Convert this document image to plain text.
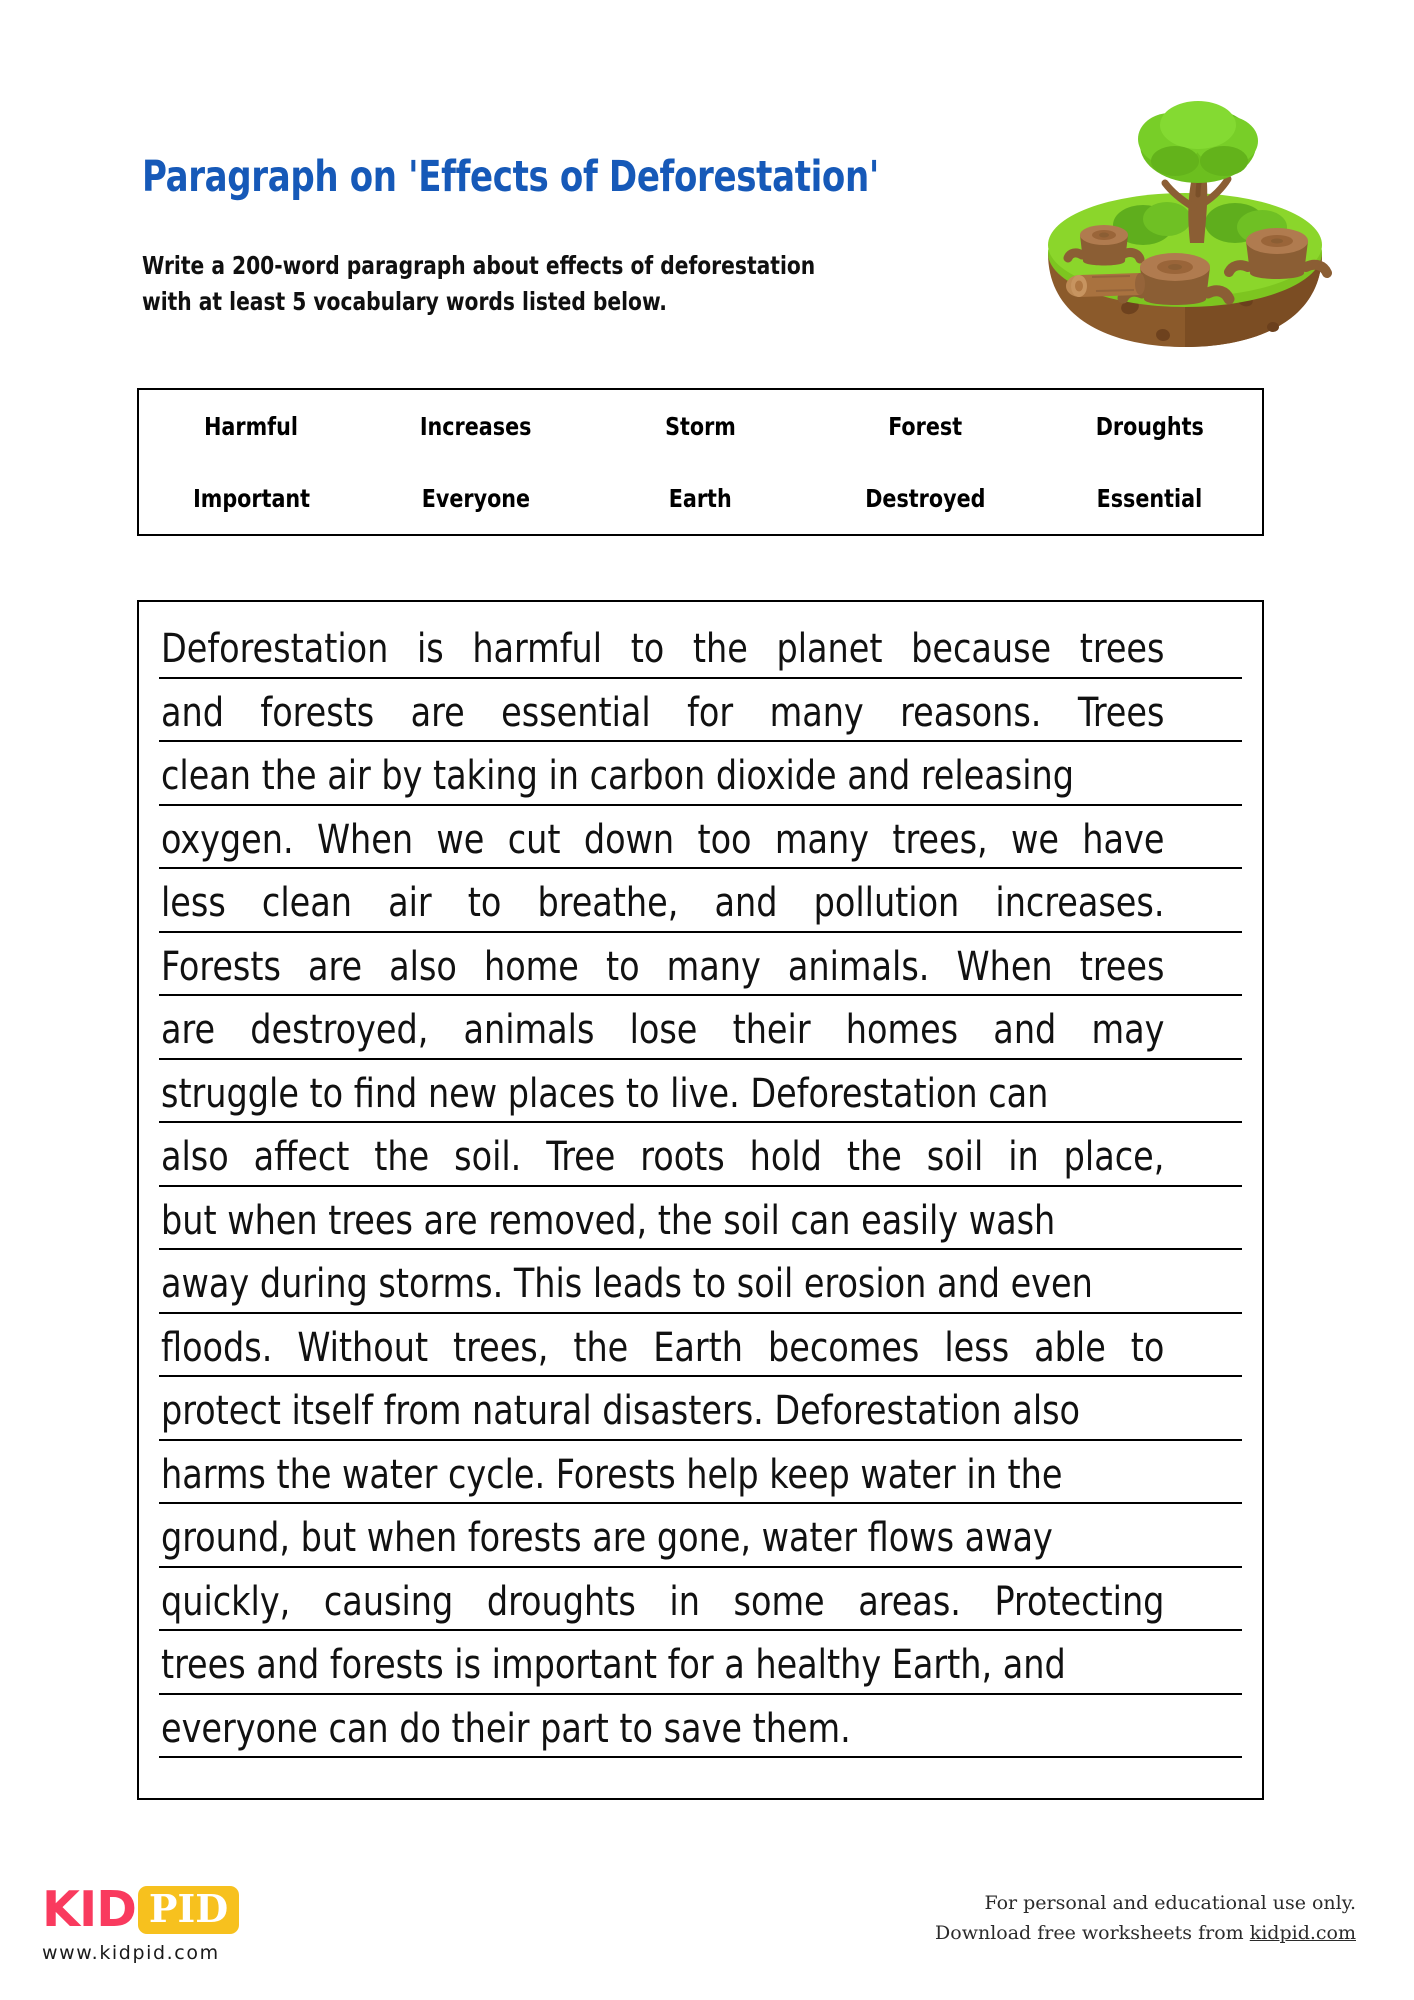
Paragraph on 'Effects of Deforestation'
Write a 200-word paragraph about effects of deforestation
with at least 5 vocabulary words listed below.
Harmful	Increases	Storm	Forest	Droughts
Important	Everyone	Earth	Destroyed	Essential
Deforestation is harmful to the planet because trees
and forests are essential for many reasons. Trees
clean the air by taking in carbon dioxide and releasing
oxygen. When we cut down too many trees, we have
less clean air to breathe, and pollution increases.
Forests are also home to many animals. When trees
are destroyed, animals lose their homes and may
struggle to find new places to live. Deforestation can
also affect the soil. Tree roots hold the soil in place,
but when trees are removed, the soil can easily wash
away during storms. This leads to soil erosion and even
floods. Without trees, the Earth becomes less able to
protect itself from natural disasters. Deforestation also
harms the water cycle. Forests help keep water in the
ground, but when forests are gone, water flows away
quickly, causing droughts in some areas. Protecting
trees and forests is important for a healthy Earth, and
everyone can do their part to save them.
KID PID
www.kidpid.com
For personal and educational use only.
Download free worksheets from kidpid.com
